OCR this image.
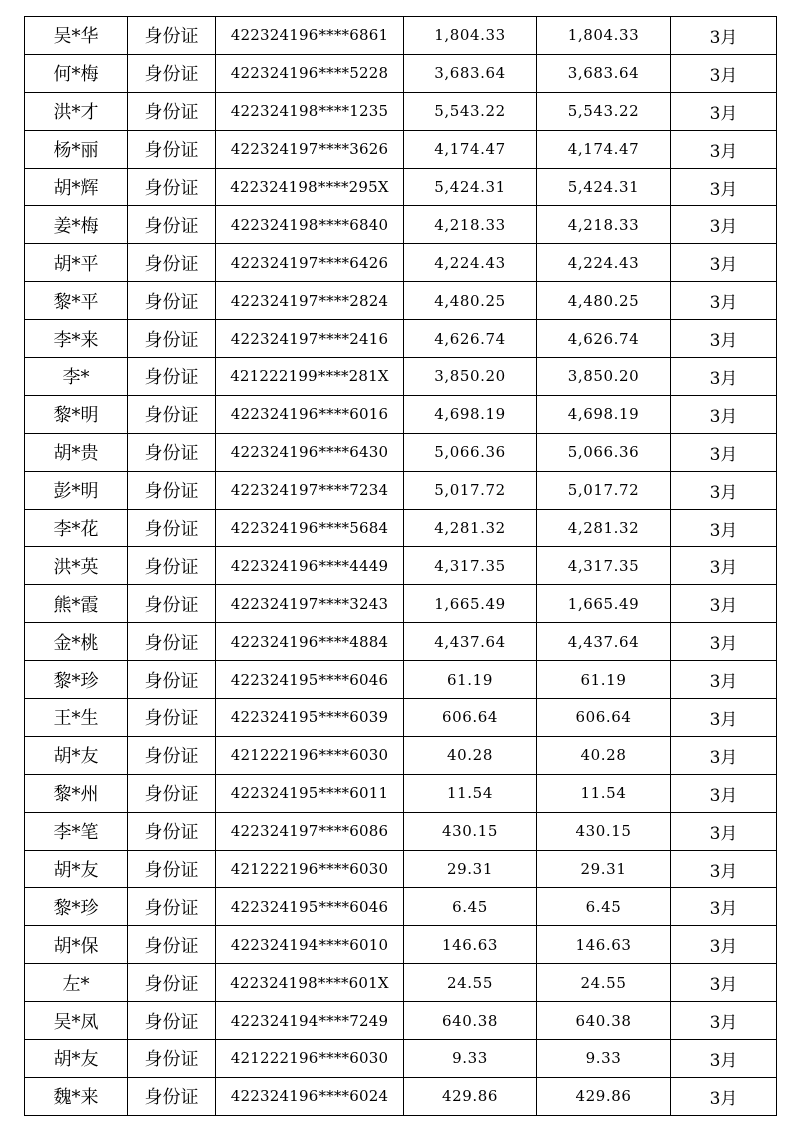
吴*华	身份证	422324196****6861	1,804.33	1,804.33	3月
何*梅	身份证	422324196****5228	3,683.64	3,683.64	3月
洪*才	身份证	422324198****1235	5,543.22	5,543.22	3月
杨*丽	身份证	422324197****3626	4,174.47	4,174.47	3月
胡*辉	身份证	422324198****295X	5,424.31	5,424.31	3月
姜*梅	身份证	422324198****6840	4,218.33	4,218.33	3月
胡*平	身份证	422324197****6426	4,224.43	4,224.43	3月
黎*平	身份证	422324197****2824	4,480.25	4,480.25	3月
李*来	身份证	422324197****2416	4,626.74	4,626.74	3月
李*	身份证	421222199****281X	3,850.20	3,850.20	3月
黎*明	身份证	422324196****6016	4,698.19	4,698.19	3月
胡*贵	身份证	422324196****6430	5,066.36	5,066.36	3月
彭*明	身份证	422324197****7234	5,017.72	5,017.72	3月
李*花	身份证	422324196****5684	4,281.32	4,281.32	3月
洪*英	身份证	422324196****4449	4,317.35	4,317.35	3月
熊*霞	身份证	422324197****3243	1,665.49	1,665.49	3月
金*桃	身份证	422324196****4884	4,437.64	4,437.64	3月
黎*珍	身份证	422324195****6046	61.19	61.19	3月
王*生	身份证	422324195****6039	606.64	606.64	3月
胡*友	身份证	421222196****6030	40.28	40.28	3月
黎*州	身份证	422324195****6011	11.54	11.54	3月
李*笔	身份证	422324197****6086	430.15	430.15	3月
胡*友	身份证	421222196****6030	29.31	29.31	3月
黎*珍	身份证	422324195****6046	6.45	6.45	3月
胡*保	身份证	422324194****6010	146.63	146.63	3月
左*	身份证	422324198****601X	24.55	24.55	3月
吴*凤	身份证	422324194****7249	640.38	640.38	3月
胡*友	身份证	421222196****6030	9.33	9.33	3月
魏*来	身份证	422324196****6024	429.86	429.86	3月
